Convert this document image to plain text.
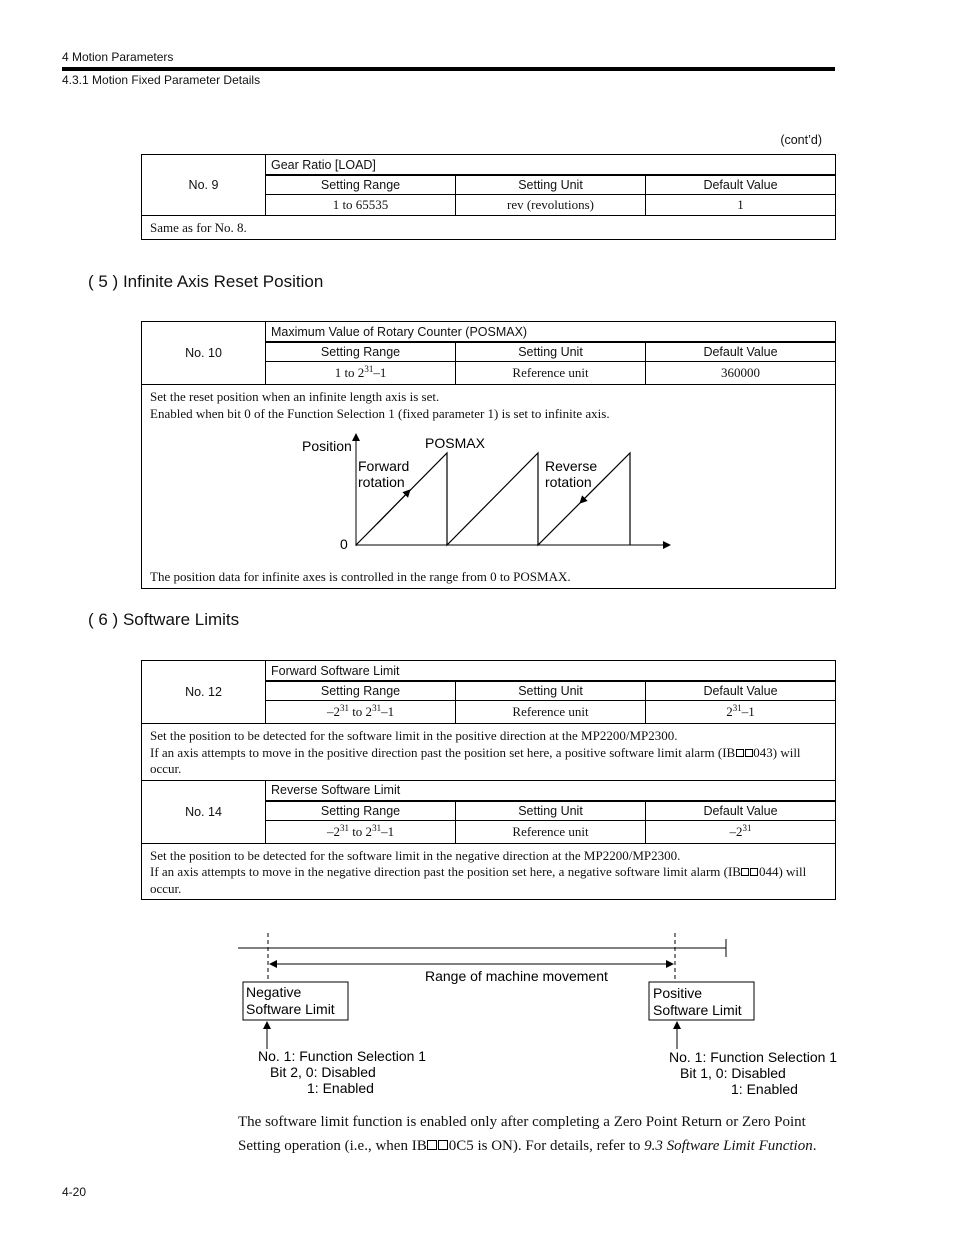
4 Motion Parameters
4.3.1 Motion Fixed Parameter Details
(cont’d)
No. 9	Gear Ratio [LOAD]		
	Setting Range	Setting Unit	Default Value
	1 to 65535	rev (revolutions)	1
Same as for No. 8.			
( 5 ) Infinite Axis Reset Position
No. 10	Maximum Value of Rotary Counter (POSMAX)		
	Setting Range	Setting Unit	Default Value
	1 to $2^{31}-1$	Reference unit	360000

Set the reset position when an infinite length axis is set.
Enabled when bit 0 of the Function Selection 1 (fixed parameter 1) is set to infinite axis.
The position data for infinite axes is controlled in the range from 0 to POSMAX.			
Position	POSMAX
Forward
rotation
Reverse
rotation
0
( 6 ) Software Limits
No. 12	Forward Software Limit		
	Setting Range	Setting Unit	Default Value
	$-2^{31}$ to $2^{31}-1$	Reference unit	$2^{31}-1$

Set the position to be detected for the software limit in the positive direction at the MP2200/MP2300.
If an axis attempts to move in the positive direction past the position set here, a positive software limit alarm (IB 043) will occur.			

No. 14	Reverse Software Limit		
	Setting Range	Setting Unit	Default Value
	$-2^{31}$ to $2^{31}-1$	Reference unit	$-2^{31}$

Set the position to be detected for the software limit in the negative direction at the MP2200/MP2300.
If an axis attempts to move in the negative direction past the position set here, a negative software limit alarm (IB 044) will occur.			
Range of machine movement
Negative
Software Limit
Positive
Software Limit
No. 1: Function Selection 1
Bit 2, 0: Disabled
1: Enabled
No. 1: Function Selection 1
Bit 1, 0: Disabled
1: Enabled
The software limit function is enabled only after completing a Zero Point Return or Zero Point
Setting operation (i.e., when IB 0C5 is ON). For details, refer to 9.3 Software Limit Function.
4-20
